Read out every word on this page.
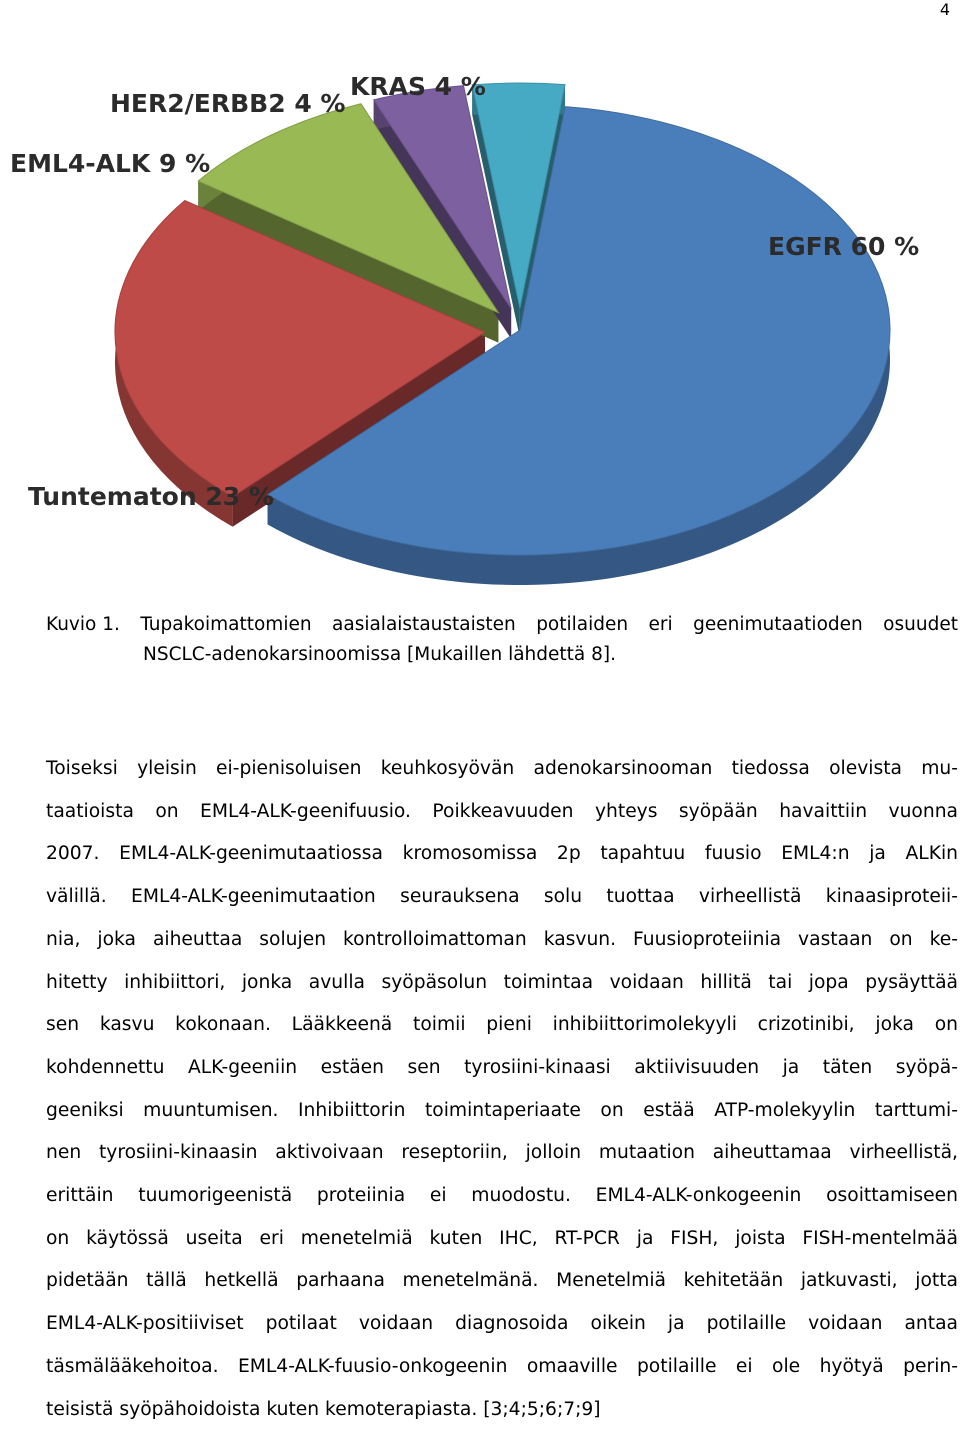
4
EGFR 60 %
Tuntematon 23 %
EML4-ALK 9 %
HER2/ERBB2 4 %
KRAS 4 %
Kuvio 1. Tupakoimattomien aasialaistaustaisten potilaiden eri geenimutaatioden osuudet
NSCLC-adenokarsinoomissa [Mukaillen lähdettä 8].

Toiseksi yleisin ei-pienisoluisen keuhkosyövän adenokarsinooman tiedossa olevista mu-

taatioista on EML4-ALK-geenifuusio. Poikkeavuuden yhteys syöpään havaittiin vuonna

2007. EML4-ALK-geenimutaatiossa kromosomissa 2p tapahtuu fuusio EML4:n ja ALKin

välillä. EML4-ALK-geenimutaation seurauksena solu tuottaa virheellistä kinaasiproteii-

nia, joka aiheuttaa solujen kontrolloimattoman kasvun. Fuusioproteiinia vastaan on ke-

hitetty inhibiittori, jonka avulla syöpäsolun toimintaa voidaan hillitä tai jopa pysäyttää

sen kasvu kokonaan. Lääkkeenä toimii pieni inhibiittorimolekyyli crizotinibi, joka on

kohdennettu ALK-geeniin estäen sen tyrosiini-kinaasi aktiivisuuden ja täten syöpä-

geeniksi muuntumisen. Inhibiittorin toimintaperiaate on estää ATP-molekyylin tarttumi-

nen tyrosiini-kinaasin aktivoivaan reseptoriin, jolloin mutaation aiheuttamaa virheellistä,

erittäin tuumorigeenistä proteiinia ei muodostu. EML4-ALK-onkogeenin osoittamiseen

on käytössä useita eri menetelmiä kuten IHC, RT-PCR ja FISH, joista FISH-mentelmää

pidetään tällä hetkellä parhaana menetelmänä. Menetelmiä kehitetään jatkuvasti, jotta

EML4-ALK-positiiviset potilaat voidaan diagnosoida oikein ja potilaille voidaan antaa

täsmälääkehoitoa. EML4-ALK-fuusio-onkogeenin omaaville potilaille ei ole hyötyä perin-

teisistä syöpähoidoista kuten kemoterapiasta. [3;4;5;6;7;9]
